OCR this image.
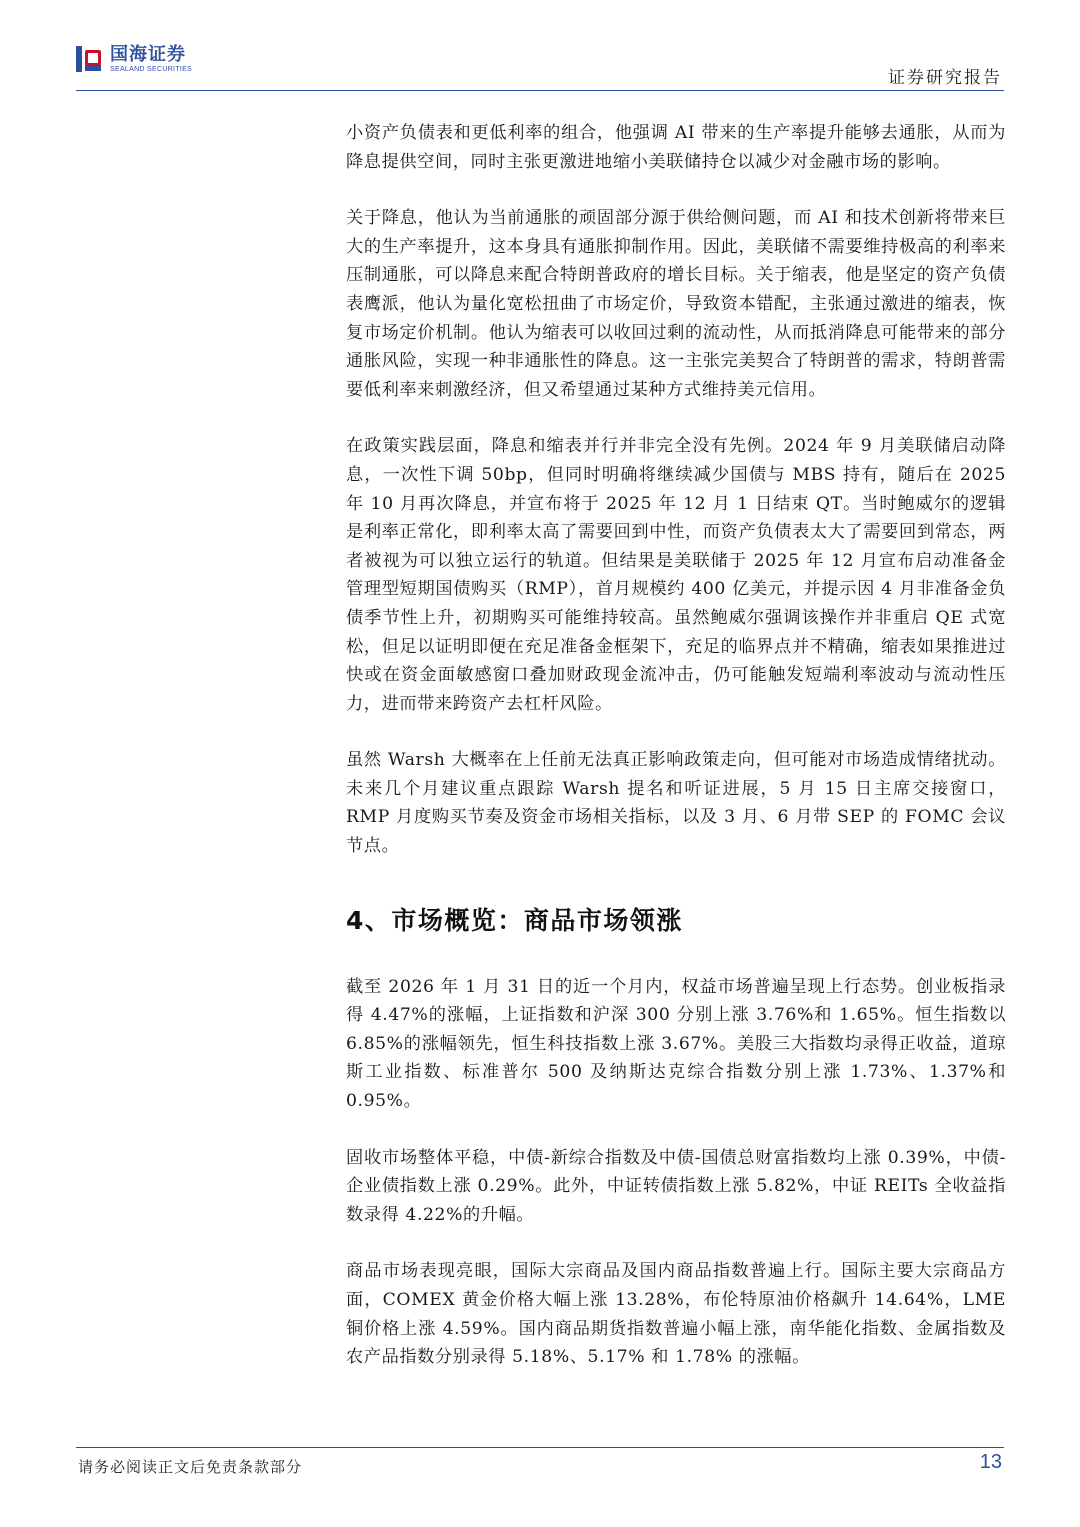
国海证券
SEALAND SECURITIES	证券研究报告

小资产负债表和更低利率的组合，他强调 AI 带来的生产率提升能够去通胀，从而为降息提供空间，同时主张更激进地缩小美联储持仓以减少对金融市场的影响。

关于降息，他认为当前通胀的顽固部分源于供给侧问题，而 AI 和技术创新将带来巨大的生产率提升，这本身具有通胀抑制作用。因此，美联储不需要维持极高的利率来压制通胀，可以降息来配合特朗普政府的增长目标。关于缩表，他是坚定的资产负债表鹰派，他认为量化宽松扭曲了市场定价，导致资本错配，主张通过激进的缩表，恢复市场定价机制。他认为缩表可以收回过剩的流动性，从而抵消降息可能带来的部分通胀风险，实现一种非通胀性的降息。这一主张完美契合了特朗普的需求，特朗普需要低利率来刺激经济，但又希望通过某种方式维持美元信用。

在政策实践层面，降息和缩表并行并非完全没有先例。2024 年 9 月美联储启动降息，一次性下调 50bp，但同时明确将继续减少国债与 MBS 持有，随后在 2025 年 10 月再次降息，并宣布将于 2025 年 12 月 1 日结束 QT。当时鲍威尔的逻辑是利率正常化，即利率太高了需要回到中性，而资产负债表太大了需要回到常态，两者被视为可以独立运行的轨道。但结果是美联储于 2025 年 12 月宣布启动准备金管理型短期国债购买（RMP），首月规模约 400 亿美元，并提示因 4 月非准备金负债季节性上升，初期购买可能维持较高。虽然鲍威尔强调该操作并非重启 QE 式宽松，但足以证明即便在充足准备金框架下，充足的临界点并不精确，缩表如果推进过快或在资金面敏感窗口叠加财政现金流冲击，仍可能触发短端利率波动与流动性压力，进而带来跨资产去杠杆风险。

虽然 Warsh 大概率在上任前无法真正影响政策走向，但可能对市场造成情绪扰动。未来几个月建议重点跟踪 Warsh 提名和听证进展，5 月 15 日主席交接窗口，RMP 月度购买节奏及资金市场相关指标，以及 3 月、6 月带 SEP 的 FOMC 会议节点。

4、市场概览：商品市场领涨

截至 2026 年 1 月 31 日的近一个月内，权益市场普遍呈现上行态势。创业板指录得 4.47%的涨幅，上证指数和沪深 300 分别上涨 3.76%和 1.65%。恒生指数以 6.85%的涨幅领先，恒生科技指数上涨 3.67%。美股三大指数均录得正收益，道琼斯工业指数、标准普尔 500 及纳斯达克综合指数分别上涨 1.73%、1.37%和 0.95%。

固收市场整体平稳，中债-新综合指数及中债-国债总财富指数均上涨 0.39%，中债-企业债指数上涨 0.29%。此外，中证转债指数上涨 5.82%，中证 REITs 全收益指数录得 4.22%的升幅。

商品市场表现亮眼，国际大宗商品及国内商品指数普遍上行。国际主要大宗商品方面，COMEX 黄金价格大幅上涨 13.28%，布伦特原油价格飙升 14.64%，LME 铜价格上涨 4.59%。国内商品期货指数普遍小幅上涨，南华能化指数、金属指数及农产品指数分别录得 5.18%、5.17% 和 1.78% 的涨幅。

请务必阅读正文后免责条款部分	13
